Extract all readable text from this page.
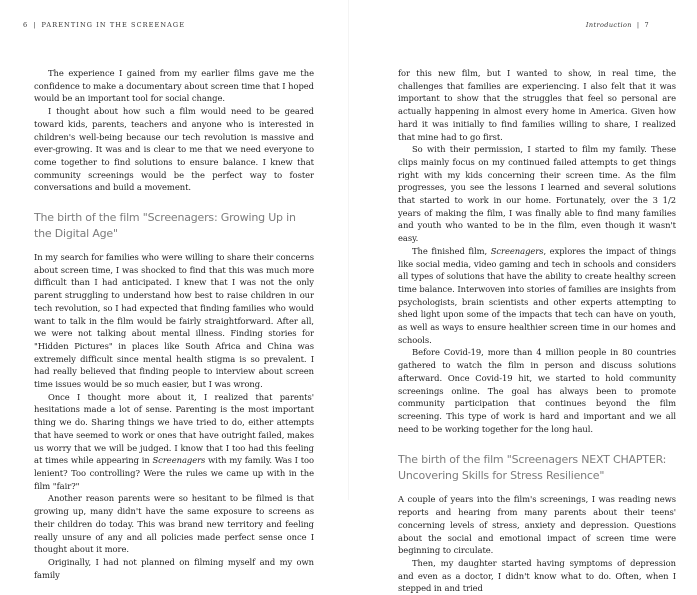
6 | PARENTING IN THE SCREENAGE

The experience I gained from my earlier films gave me the confidence to make a documentary about screen time that I hoped would be an important tool for social change.

I thought about how such a film would need to be geared toward kids, parents, teachers and anyone who is interested in children's well-being because our tech revolution is massive and ever-growing. It was and is clear to me that we need everyone to come together to find solutions to ensure balance. I knew that community screenings would be the perfect way to foster conversations and build a movement.

The birth of the film "Screenagers: Growing Up in the Digital Age"

In my search for families who were willing to share their concerns about screen time, I was shocked to find that this was much more difficult than I had anticipated. I knew that I was not the only parent struggling to understand how best to raise children in our tech revolution, so I had expected that finding families who would want to talk in the film would be fairly straightforward. After all, we were not talking about mental illness. Finding stories for "Hidden Pictures" in places like South Africa and China was extremely difficult since mental health stigma is so prevalent. I had really believed that finding people to interview about screen time issues would be so much easier, but I was wrong.

Once I thought more about it, I realized that parents' hesitations made a lot of sense. Parenting is the most important thing we do. Sharing things we have tried to do, either attempts that have seemed to work or ones that have outright failed, makes us worry that we will be judged. I know that I too had this feeling at times while appearing in Screenagers with my family. Was I too lenient? Too controlling? Were the rules we came up with in the film "fair?"

Another reason parents were so hesitant to be filmed is that growing up, many didn't have the same exposure to screens as their children do today. This was brand new territory and feeling really unsure of any and all policies made perfect sense once I thought about it more.

Originally, I had not planned on filming myself and my own family

Introduction | 7

for this new film, but I wanted to show, in real time, the challenges that families are experiencing. I also felt that it was important to show that the struggles that feel so personal are actually happening in almost every home in America. Given how hard it was initially to find families willing to share, I realized that mine had to go first.

So with their permission, I started to film my family. These clips mainly focus on my continued failed attempts to get things right with my kids concerning their screen time. As the film progresses, you see the lessons I learned and several solutions that started to work in our home. Fortunately, over the 3 1/2 years of making the film, I was finally able to find many families and youth who wanted to be in the film, even though it wasn't easy.

The finished film, Screenagers, explores the impact of things like social media, video gaming and tech in schools and considers all types of solutions that have the ability to create healthy screen time balance. Interwoven into stories of families are insights from psychologists, brain scientists and other experts attempting to shed light upon some of the impacts that tech can have on youth, as well as ways to ensure healthier screen time in our homes and schools.

Before Covid-19, more than 4 million people in 80 countries gathered to watch the film in person and discuss solutions afterward. Once Covid-19 hit, we started to hold community screenings online. The goal has always been to promote community participation that continues beyond the film screening. This type of work is hard and important and we all need to be working together for the long haul.

The birth of the film "Screenagers NEXT CHAPTER: Uncovering Skills for Stress Resilience"

A couple of years into the film's screenings, I was reading news reports and hearing from many parents about their teens' concerning levels of stress, anxiety and depression. Questions about the social and emotional impact of screen time were beginning to circulate.

Then, my daughter started having symptoms of depression and even as a doctor, I didn't know what to do. Often, when I stepped in and tried
